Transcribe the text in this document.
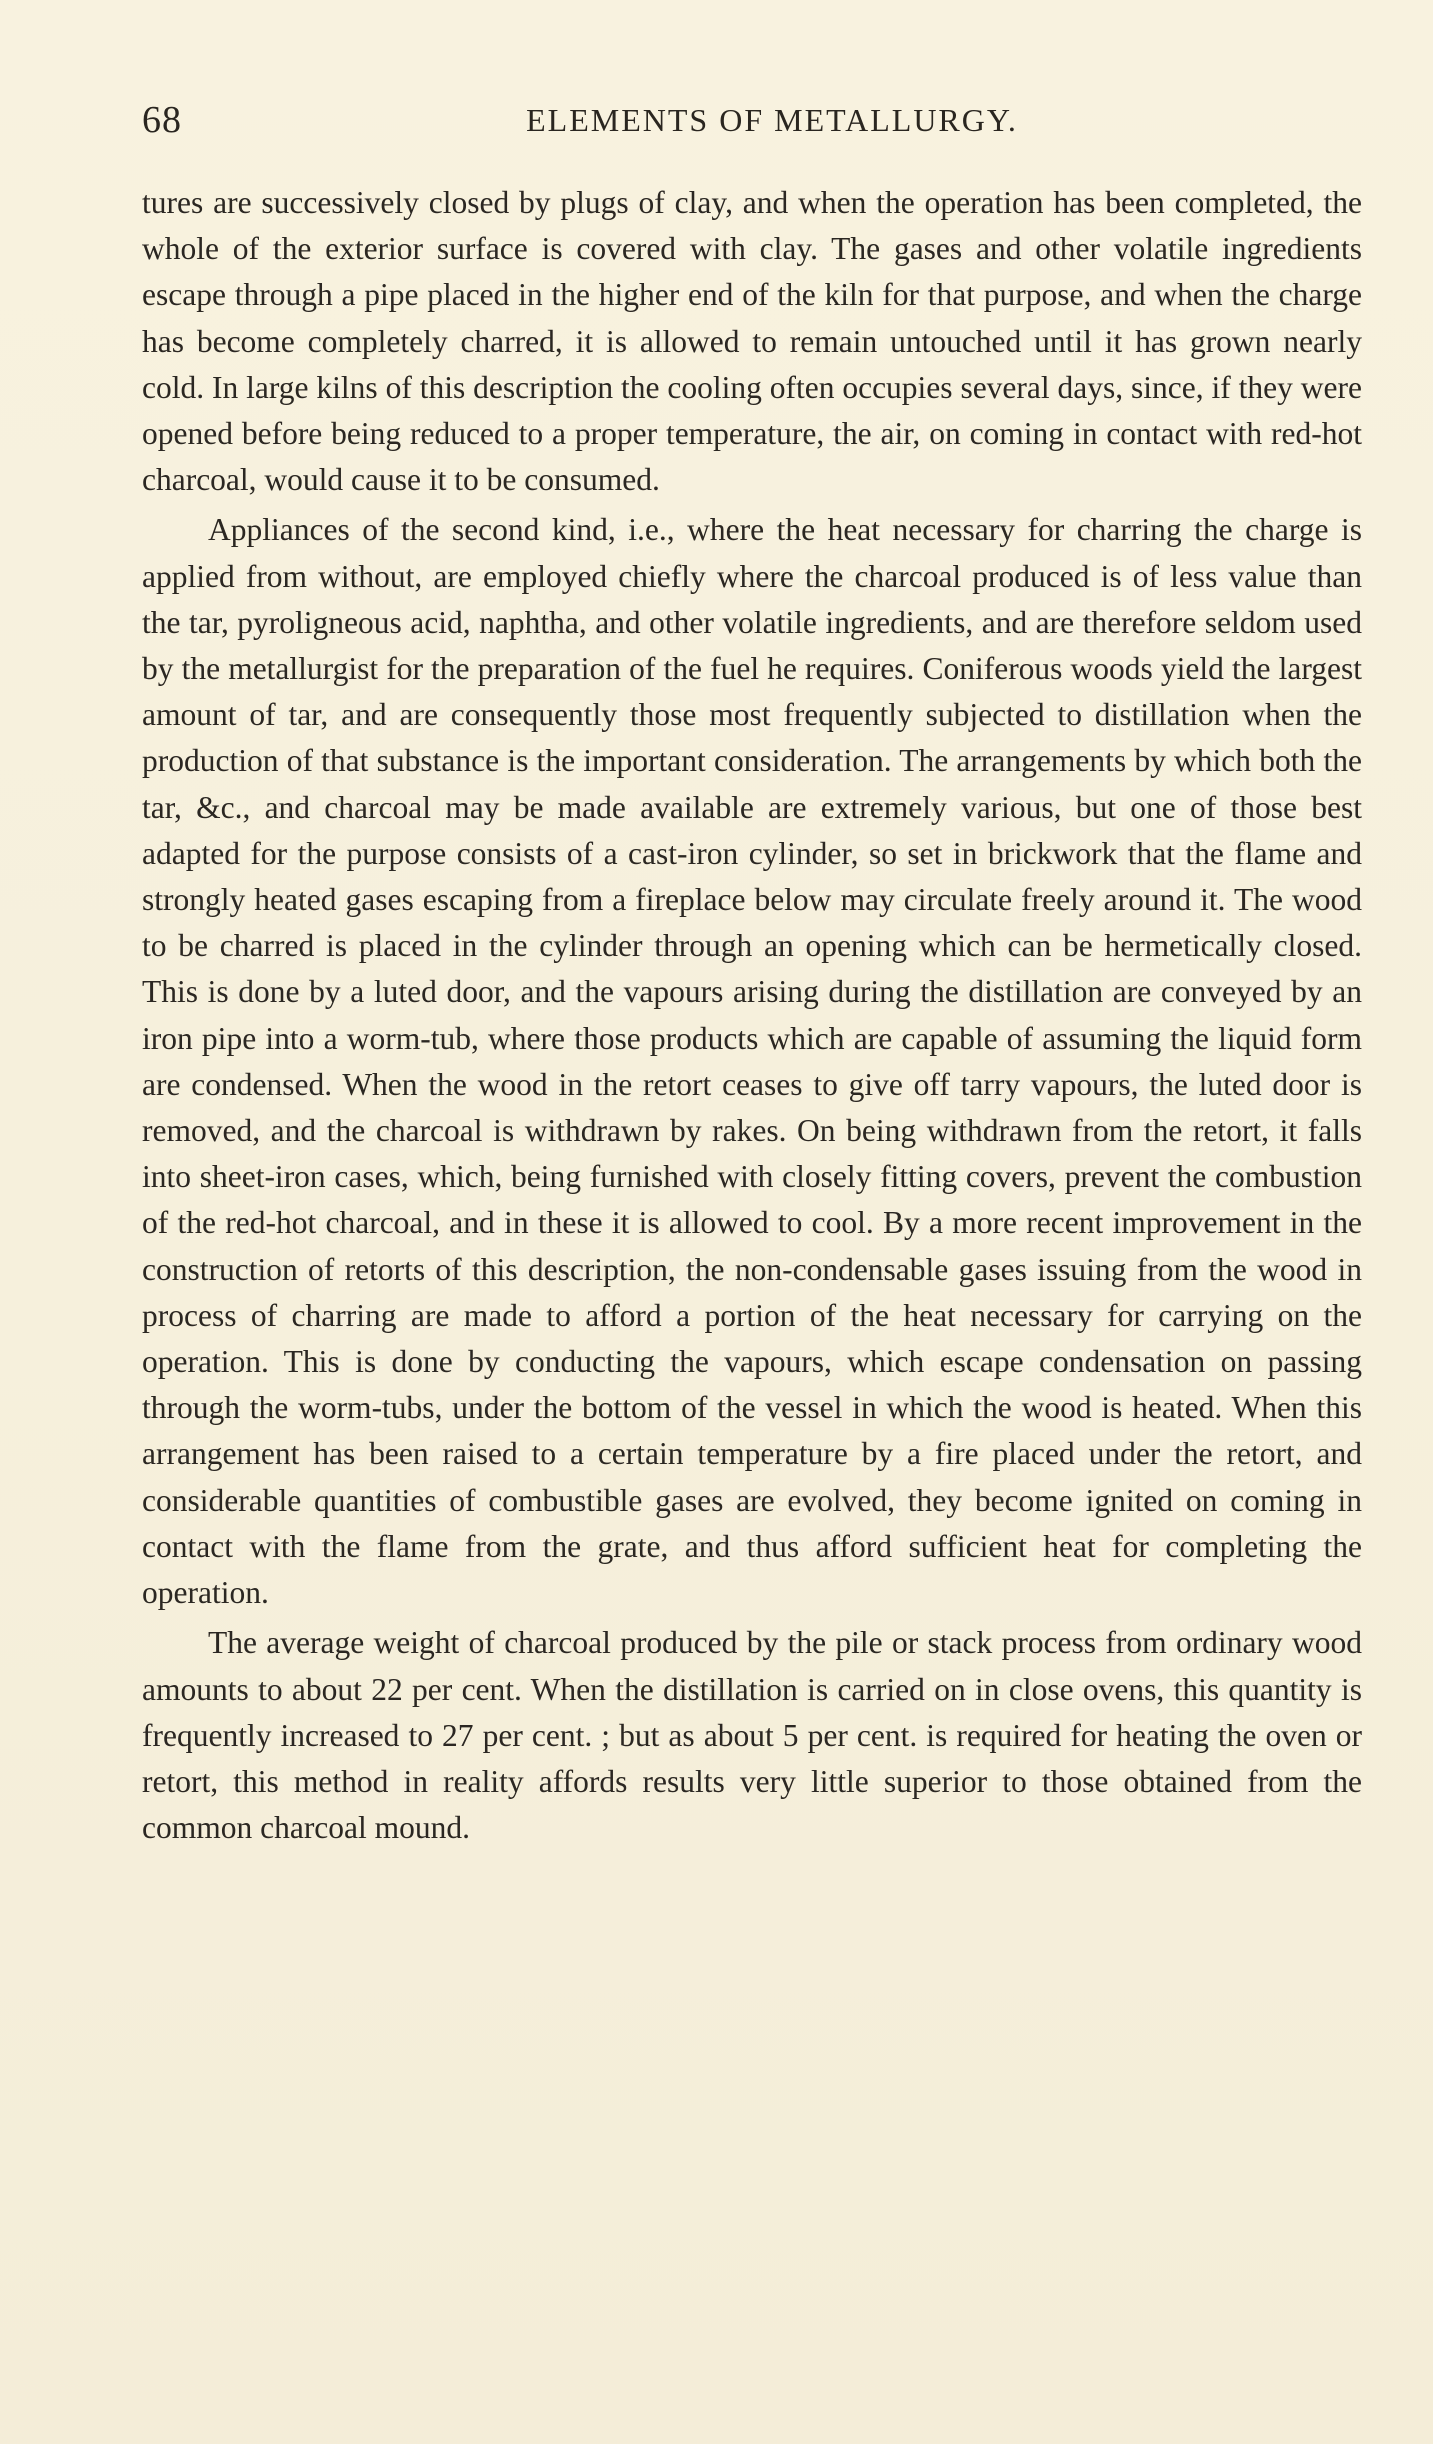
68	ELEMENTS OF METALLURGY.

tures are successively closed by plugs of clay, and when the operation has been completed, the whole of the exterior surface is covered with clay. The gases and other volatile ingredients escape through a pipe placed in the higher end of the kiln for that purpose, and when the charge has become completely charred, it is allowed to remain untouched until it has grown nearly cold. In large kilns of this description the cooling often occupies several days, since, if they were opened before being reduced to a proper temperature, the air, on coming in contact with red-hot charcoal, would cause it to be consumed.

Appliances of the second kind, i.e., where the heat necessary for charring the charge is applied from without, are employed chiefly where the charcoal produced is of less value than the tar, pyroligneous acid, naphtha, and other volatile ingredients, and are therefore seldom used by the metallurgist for the preparation of the fuel he requires. Coniferous woods yield the largest amount of tar, and are consequently those most frequently subjected to distillation when the production of that substance is the important consideration. The arrangements by which both the tar, &c., and charcoal may be made available are extremely various, but one of those best adapted for the purpose consists of a cast-iron cylinder, so set in brickwork that the flame and strongly heated gases escaping from a fireplace below may circulate freely around it. The wood to be charred is placed in the cylinder through an opening which can be hermetically closed. This is done by a luted door, and the vapours arising during the distillation are conveyed by an iron pipe into a worm-tub, where those products which are capable of assuming the liquid form are condensed. When the wood in the retort ceases to give off tarry vapours, the luted door is removed, and the charcoal is withdrawn by rakes. On being withdrawn from the retort, it falls into sheet-iron cases, which, being furnished with closely fitting covers, prevent the combustion of the red-hot charcoal, and in these it is allowed to cool. By a more recent improvement in the construction of retorts of this description, the non-condensable gases issuing from the wood in process of charring are made to afford a portion of the heat necessary for carrying on the operation. This is done by conducting the vapours, which escape condensation on passing through the worm-tubs, under the bottom of the vessel in which the wood is heated. When this arrangement has been raised to a certain temperature by a fire placed under the retort, and considerable quantities of combustible gases are evolved, they become ignited on coming in contact with the flame from the grate, and thus afford sufficient heat for completing the operation.

The average weight of charcoal produced by the pile or stack process from ordinary wood amounts to about 22 per cent. When the distillation is carried on in close ovens, this quantity is frequently increased to 27 per cent. ; but as about 5 per cent. is required for heating the oven or retort, this method in reality affords results very little superior to those obtained from the common charcoal mound.
